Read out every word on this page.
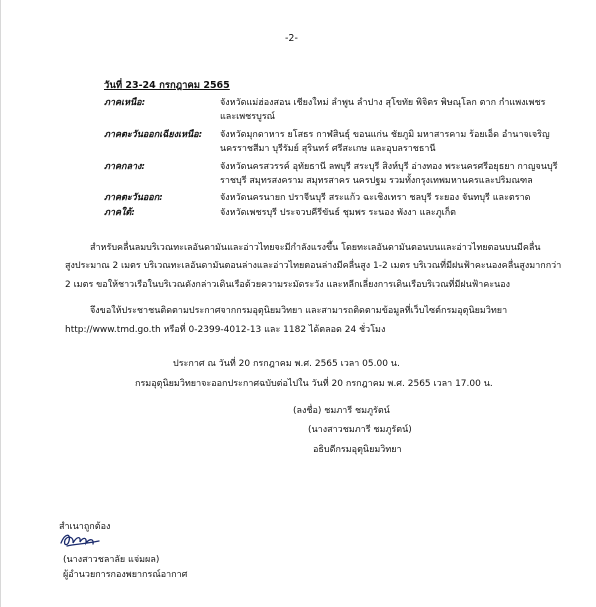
-2-
วันที่ 23-24 กรกฎาคม 2565
ภาคเหนือ:	จังหวัดแม่ฮ่องสอน เชียงใหม่ ลำพูน ลำปาง สุโขทัย พิจิตร พิษณุโลก ตาก กำแพงเพชร
และเพชรบูรณ์
ภาคตะวันออกเฉียงเหนือ: จังหวัดมุกดาหาร ยโสธร กาฬสินธุ์ ขอนแก่น ชัยภูมิ มหาสารคาม ร้อยเอ็ด อำนาจเจริญ
นครราชสีมา บุรีรัมย์ สุรินทร์ ศรีสะเกษ และอุบลราชธานี
ภาคกลาง:	จังหวัดนครสวรรค์ อุทัยธานี ลพบุรี สระบุรี สิงห์บุรี อ่างทอง พระนครศรีอยุธยา กาญจนบุรี
ราชบุรี สมุทรสงคราม สมุทรสาคร นครปฐม รวมทั้งกรุงเทพมหานครและปริมณฑล
ภาคตะวันออก:	จังหวัดนครนายก ปราจีนบุรี สระแก้ว ฉะเชิงเทรา ชลบุรี ระยอง จันทบุรี และตราด
ภาคใต้:	จังหวัดเพชรบุรี ประจวบคีรีขันธ์ ชุมพร ระนอง พังงา และภูเก็ต
สำหรับคลื่นลมบริเวณทะเลอันดามันและอ่าวไทยจะมีกำลังแรงขึ้น โดยทะเลอันดามันตอนบนและอ่าวไทยตอนบนมีคลื่น
สูงประมาณ 2 เมตร บริเวณทะเลอันดามันตอนล่างและอ่าวไทยตอนล่างมีคลื่นสูง 1-2 เมตร บริเวณที่มีฝนฟ้าคะนองคลื่นสูงมากกว่า
2 เมตร ขอให้ชาวเรือในบริเวณดังกล่าวเดินเรือด้วยความระมัดระวัง และหลีกเลี่ยงการเดินเรือบริเวณที่มีฝนฟ้าคะนอง
จึงขอให้ประชาชนติดตามประกาศจากกรมอุตุนิยมวิทยา และสามารถติดตามข้อมูลที่เว็บไซต์กรมอุตุนิยมวิทยา
http://www.tmd.go.th หรือที่ 0-2399-4012-13 และ 1182 ได้ตลอด 24 ชั่วโมง
ประกาศ ณ วันที่ 20 กรกฎาคม พ.ศ. 2565 เวลา 05.00 น.
กรมอุตุนิยมวิทยาจะออกประกาศฉบับต่อไปใน วันที่ 20 กรกฎาคม พ.ศ. 2565 เวลา 17.00 น.
(ลงชื่อ) ชมภารี ชมภูรัตน์
(นางสาวชมภารี ชมภูรัตน์)
อธิบดีกรมอุตุนิยมวิทยา
สำเนาถูกต้อง
(นางสาวชลาลัย แจ่มผล)
ผู้อำนวยการกองพยากรณ์อากาศ
